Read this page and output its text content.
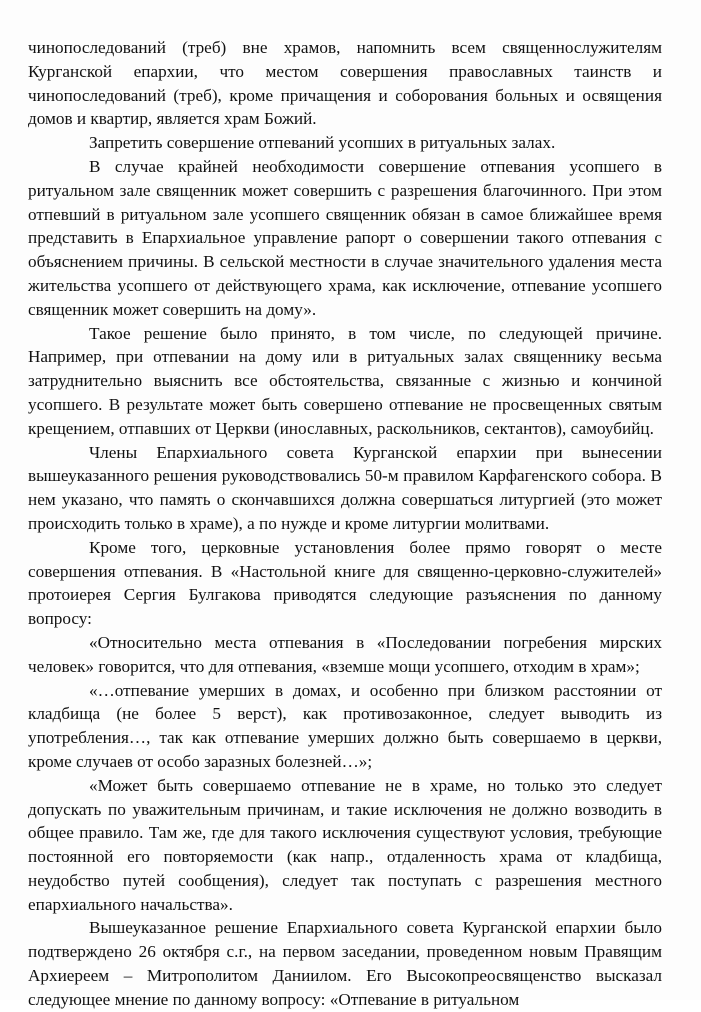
чинопоследований (треб) вне храмов, напомнить всем священнослужителям Курганской епархии, что местом совершения православных таинств и чинопоследований (треб), кроме причащения и соборования больных и освящения домов и квартир, является храм Божий.

Запретить совершение отпеваний усопших в ритуальных залах.

В случае крайней необходимости совершение отпевания усопшего в ритуальном зале священник может совершить с разрешения благочинного. При этом отпевший в ритуальном зале усопшего священник обязан в самое ближайшее время представить в Епархиальное управление рапорт о совершении такого отпевания с объяснением причины. В сельской местности в случае значительного удаления места жительства усопшего от действующего храма, как исключение, отпевание усопшего священник может совершить на дому».

Такое решение было принято, в том числе, по следующей причине. Например, при отпевании на дому или в ритуальных залах священнику весьма затруднительно выяснить все обстоятельства, связанные с жизнью и кончиной усопшего. В результате может быть совершено отпевание не просвещенных святым крещением, отпавших от Церкви (инославных, раскольников, сектантов), самоубийц.

Члены Епархиального совета Курганской епархии при вынесении вышеуказанного решения руководствовались 50-м правилом Карфагенского собора. В нем указано, что память о скончавшихся должна совершаться литургией (это может происходить только в храме), а по нужде и кроме литургии молитвами.

Кроме того, церковные установления более прямо говорят о месте совершения отпевания. В «Настольной книге для священно-церковно-служителей» протоиерея Сергия Булгакова приводятся следующие разъяснения по данному вопросу:

«Относительно места отпевания в «Последовании погребения мирских человек» говорится, что для отпевания, «вземше мощи усопшего, отходим в храм»;

«…отпевание умерших в домах, и особенно при близком расстоянии от кладбища (не более 5 верст), как противозаконное, следует выводить из употребления…, так как отпевание умерших должно быть совершаемо в церкви, кроме случаев от особо заразных болезней…»;

«Может быть совершаемо отпевание не в храме, но только это следует допускать по уважительным причинам, и такие исключения не должно возводить в общее правило. Там же, где для такого исключения существуют условия, требующие постоянной его повторяемости (как напр., отдаленность храма от кладбища, неудобство путей сообщения), следует так поступать с разрешения местного епархиального начальства».

Вышеуказанное решение Епархиального совета Курганской епархии было подтверждено 26 октября с.г., на первом заседании, проведенном новым Правящим Архиереем – Митрополитом Даниилом. Его Высокопреосвященство высказал следующее мнение по данному вопросу: «Отпевание в ритуальном
